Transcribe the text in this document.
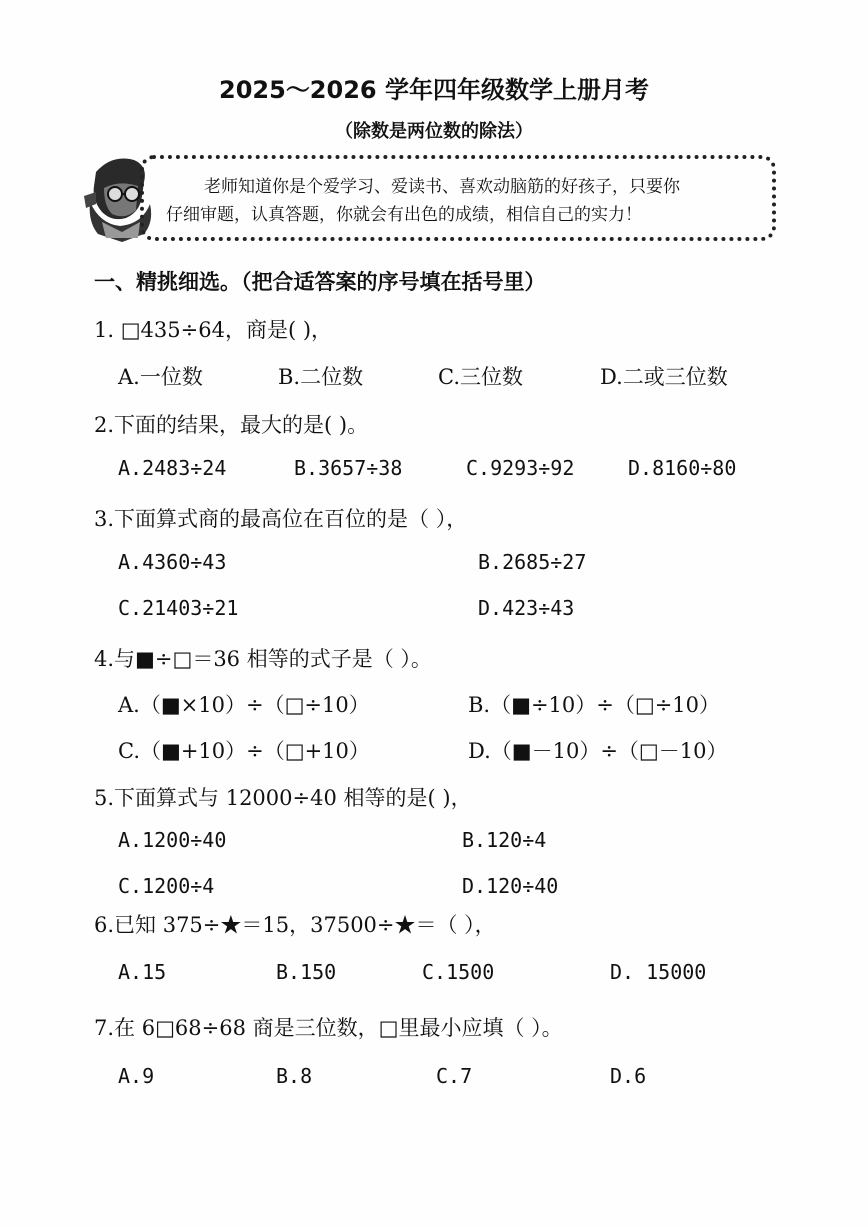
2025～2026 学年四年级数学上册月考
（除数是两位数的除法）
老师知道你是个爱学习、爱读书、喜欢动脑筋的好孩子，只要你
仔细审题，认真答题，你就会有出色的成绩，相信自己的实力！
一、精挑细选。（把合适答案的序号填在括号里）
1. □435÷64，商是( )，
A.一位数	B.二位数	C.三位数	D.二或三位数
2.下面的结果，最大的是( )。
A.2483÷24	B.3657÷38	C.9293÷92	D.8160÷80
3.下面算式商的最高位在百位的是（ ），
A.4360÷43	B.2685÷27
C.21403÷21	D.423÷43
4.与■÷□＝36 相等的式子是（ ）。
A.（■×10）÷（□÷10）	B.（■÷10）÷（□÷10）
C.（■+10）÷（□+10）	D.（■－10）÷（□－10）
5.下面算式与 12000÷40 相等的是( )，
A.1200÷40	B.120÷4
C.1200÷4	D.120÷40
6.已知 375÷★＝15，37500÷★＝（ ），
A.15	B.150	C.1500	D. 15000
7.在 6□68÷68 商是三位数，□里最小应填（ ）。
A.9	B.8	C.7	D.6
